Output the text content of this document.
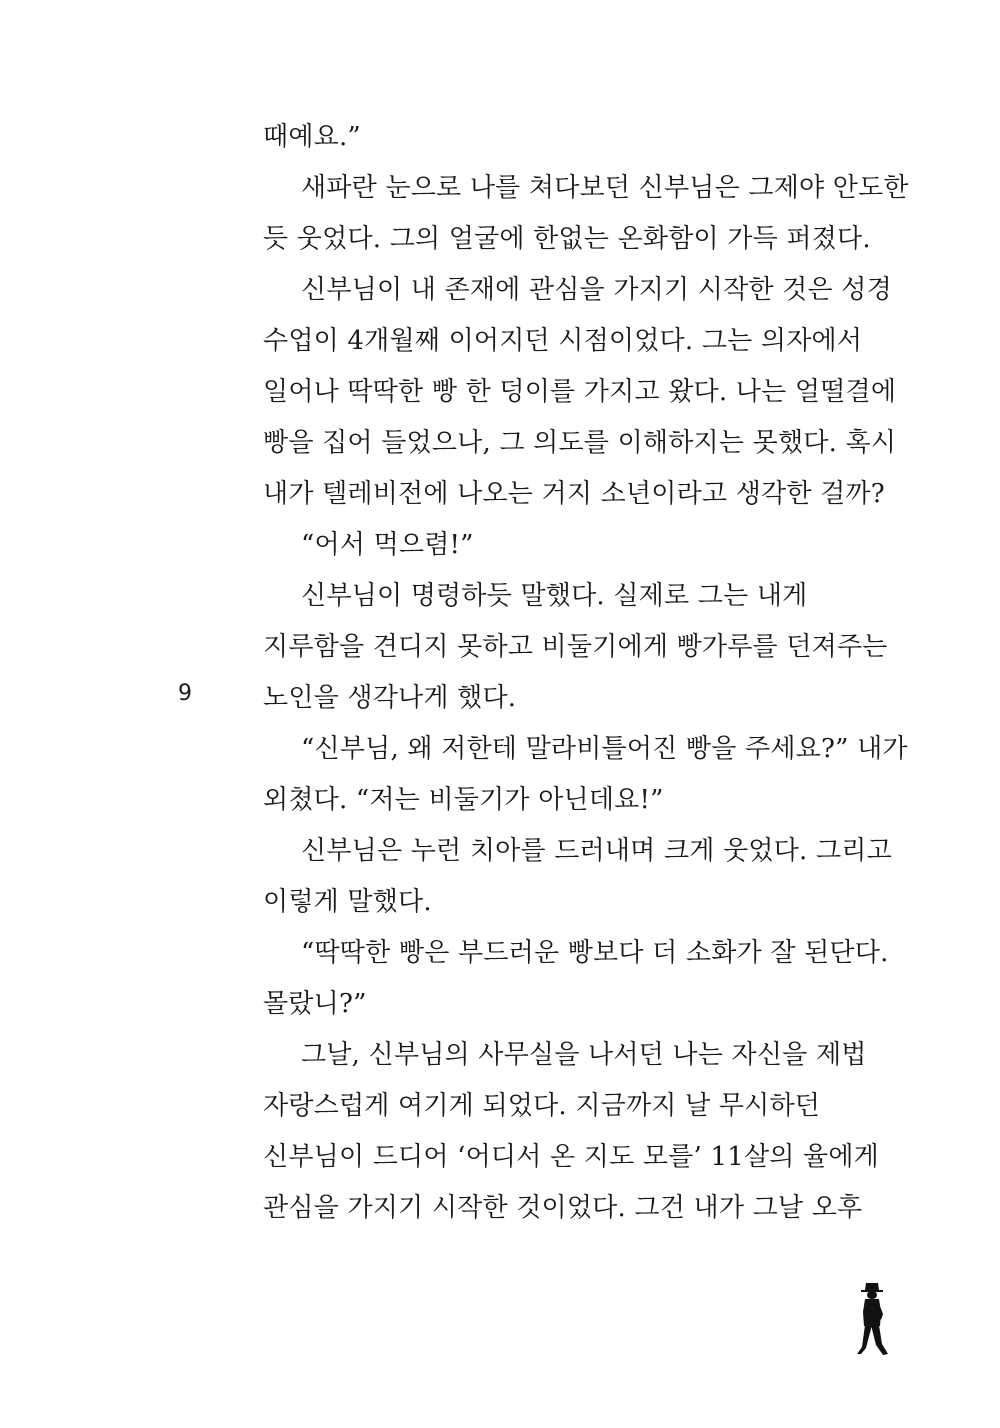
때예요.”
새파란 눈으로 나를 쳐다보던 신부님은 그제야 안도한
듯 웃었다. 그의 얼굴에 한없는 온화함이 가득 퍼졌다.
신부님이 내 존재에 관심을 가지기 시작한 것은 성경
수업이 4개월째 이어지던 시점이었다. 그는 의자에서
일어나 딱딱한 빵 한 덩이를 가지고 왔다. 나는 얼떨결에
빵을 집어 들었으나, 그 의도를 이해하지는 못했다. 혹시
내가 텔레비전에 나오는 거지 소년이라고 생각한 걸까?
“어서 먹으렴!”
신부님이 명령하듯 말했다. 실제로 그는 내게
지루함을 견디지 못하고 비둘기에게 빵가루를 던져주는
노인을 생각나게 했다.
“신부님, 왜 저한테 말라비틀어진 빵을 주세요?” 내가
외쳤다. “저는 비둘기가 아닌데요!”
신부님은 누런 치아를 드러내며 크게 웃었다. 그리고
이렇게 말했다.
“딱딱한 빵은 부드러운 빵보다 더 소화가 잘 된단다.
몰랐니?”
그날, 신부님의 사무실을 나서던 나는 자신을 제법
자랑스럽게 여기게 되었다. 지금까지 날 무시하던
신부님이 드디어 ‘어디서 온 지도 모를’ 11살의 율에게
관심을 가지기 시작한 것이었다. 그건 내가 그날 오후
9
